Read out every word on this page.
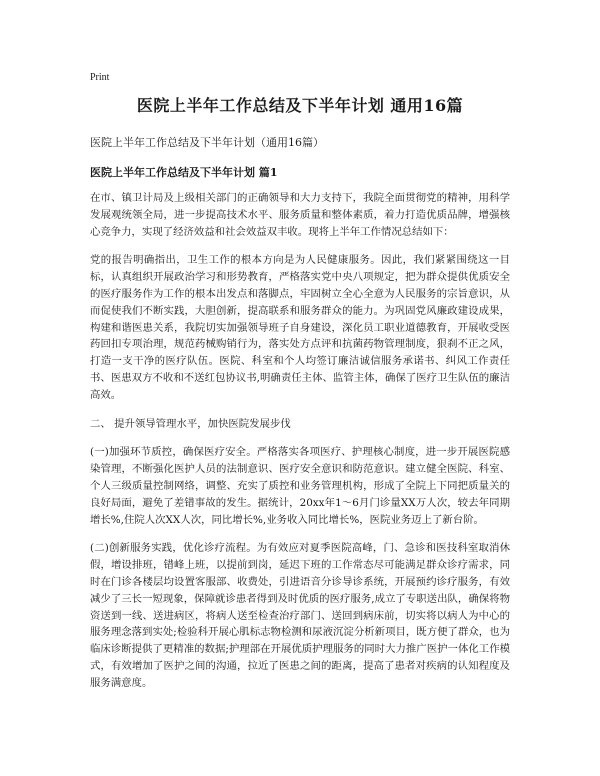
Print
医院上半年工作总结及下半年计划 通用16篇
医院上半年工作总结及下半年计划（通用16篇）
医院上半年工作总结及下半年计划 篇1

在市、镇卫计局及上级相关部门的正确领导和大力支持下，我院全面贯彻党的精神，用科学发展观统领全局，进一步提高技术水平、服务质量和整体素质，着力打造优质品牌，增强核心竞争力，实现了经济效益和社会效益双丰收。现将上半年工作情况总结如下：

党的报告明确指出，卫生工作的根本方向是为人民健康服务。因此，我们紧紧围绕这一目标，认真组织开展政治学习和形势教育，严格落实党中央八项规定，把为群众提供优质安全的医疗服务作为工作的根本出发点和落脚点，牢固树立全心全意为人民服务的宗旨意识，从而促使我们不断实践，大胆创新，提高联系和服务群众的能力。为巩固党风廉政建设成果，构建和谐医患关系，我院切实加强领导班子自身建设，深化员工职业道德教育，开展收受医药回扣专项治理，规范药械购销行为，落实处方点评和抗菌药物管理制度，狠刹不正之风，打造一支干净的医疗队伍。医院、科室和个人均签订廉洁诚信服务承诺书、纠风工作责任书、医患双方不收和不送红包协议书,明确责任主体、监管主体，确保了医疗卫生队伍的廉洁高效。

二、 提升领导管理水平，加快医院发展步伐

(一)加强环节质控，确保医疗安全。严格落实各项医疗、护理核心制度，进一步开展医院感染管理，不断强化医护人员的法制意识、医疗安全意识和防范意识。建立健全医院、科室、个人三级质量控制网络，调整、充实了质控和业务管理机构，形成了全院上下同把质量关的良好局面，避免了差错事故的发生。据统计，20xx年1～6月门诊量XX万人次，较去年同期增长%,住院人次XX人次，同比增长%,业务收入同比增长%，医院业务迈上了新台阶。

(二)创新服务实践，优化诊疗流程。为有效应对夏季医院高峰，门、急诊和医技科室取消休假，增设排班，错峰上班，以提前到岗，延迟下班的工作常态尽可能满足群众诊疗需求，同时在门诊各楼层均设置客服部、收费处，引进语音分诊导诊系统，开展预约诊疗服务，有效减少了三长一短现象，保障就诊患者得到及时优质的医疗服务,成立了专职送出队，确保将物资送到一线、送进病区，将病人送至检查治疗部门、送回到病床前，切实将以病人为中心的服务理念落到实处;检验科开展心肌标志物检测和尿液沉淀分析新项目，既方便了群众，也为临床诊断提供了更精准的数据;护理部在开展优质护理服务的同时大力推广医护一体化工作模式，有效增加了医护之间的沟通，拉近了医患之间的距离，提高了患者对疾病的认知程度及服务满意度。
